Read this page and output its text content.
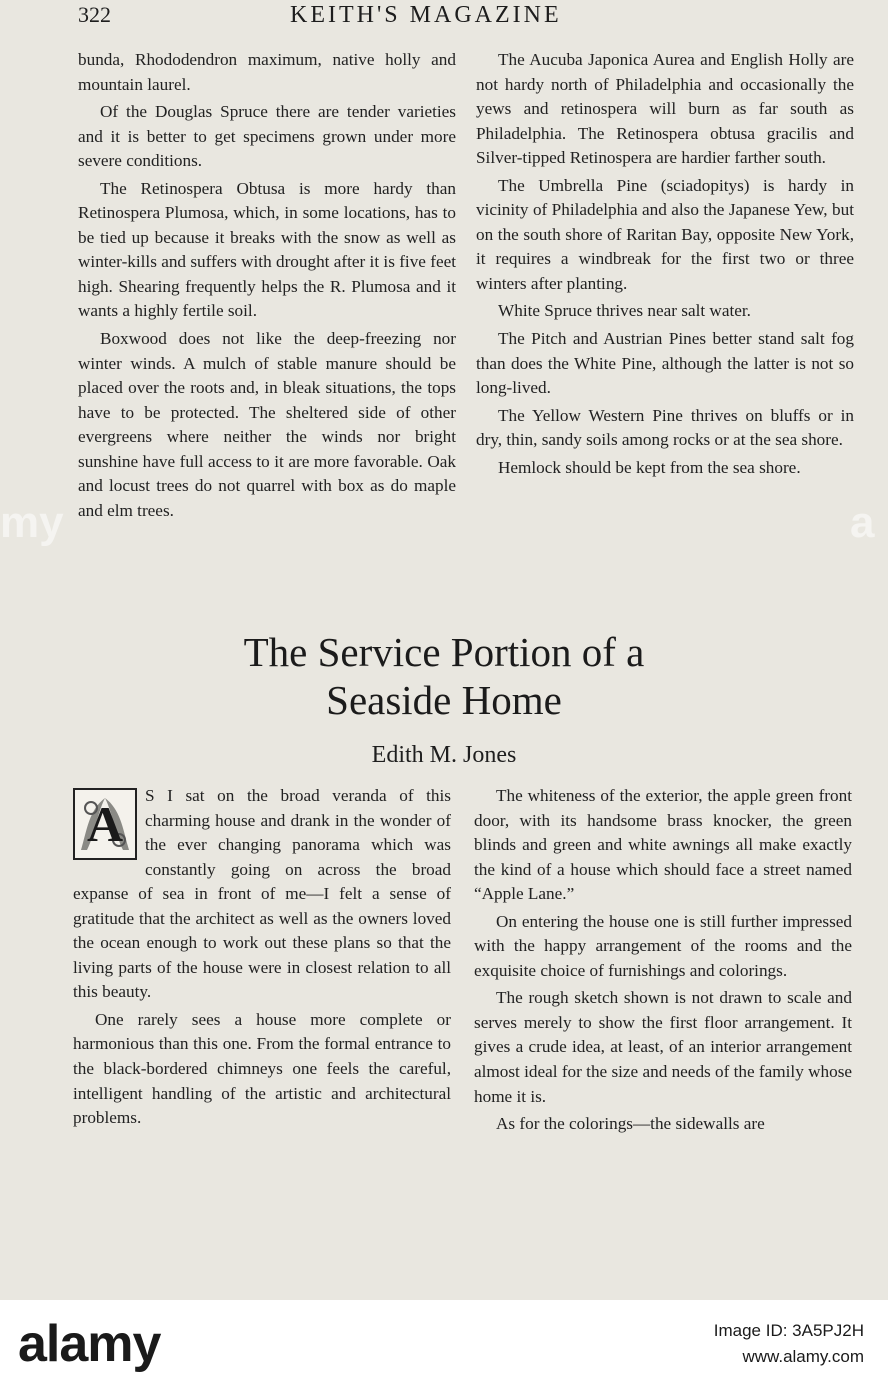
322	KEITH'S MAGAZINE

bunda, Rhododendron maximum, native holly and mountain laurel.

Of the Douglas Spruce there are tender varieties and it is better to get specimens grown under more severe conditions.

The Retinospera Obtusa is more hardy than Retinospera Plumosa, which, in some locations, has to be tied up because it breaks with the snow as well as winter-kills and suffers with drought after it is five feet high. Shearing frequently helps the R. Plumosa and it wants a highly fertile soil.

Boxwood does not like the deep-freezing nor winter winds. A mulch of stable manure should be placed over the roots and, in bleak situations, the tops have to be protected. The sheltered side of other evergreens where neither the winds nor bright sunshine have full access to it are more favorable. Oak and locust trees do not quarrel with box as do maple and elm trees.

The Aucuba Japonica Aurea and English Holly are not hardy north of Philadelphia and occasionally the yews and retinospera will burn as far south as Philadelphia. The Retinospera obtusa gracilis and Silver-tipped Retinospera are hardier farther south.

The Umbrella Pine (sciadopitys) is hardy in vicinity of Philadelphia and also the Japanese Yew, but on the south shore of Raritan Bay, opposite New York, it requires a windbreak for the first two or three winters after planting.

White Spruce thrives near salt water.

The Pitch and Austrian Pines better stand salt fog than does the White Pine, although the latter is not so long-lived.

The Yellow Western Pine thrives on bluffs or in dry, thin, sandy soils among rocks or at the sea shore.

Hemlock should be kept from the sea shore.

The Service Portion of a
Seaside Home
Edith M. Jones
A

S I sat on the broad veranda of this charming house and drank in the wonder of the ever changing panorama which was constantly going on across the broad expanse of sea in front of me—I felt a sense of gratitude that the architect as well as the owners loved the ocean enough to work out these plans so that the living parts of the house were in closest relation to all this beauty.

One rarely sees a house more complete or harmonious than this one. From the formal entrance to the black-bordered chimneys one feels the careful, intelligent handling of the artistic and architectural problems.

The whiteness of the exterior, the apple green front door, with its handsome brass knocker, the green blinds and green and white awnings all make exactly the kind of a house which should face a street named “Apple Lane.”

On entering the house one is still further impressed with the happy arrangement of the rooms and the exquisite choice of furnishings and colorings.

The rough sketch shown is not drawn to scale and serves merely to show the first floor arrangement. It gives a crude idea, at least, of an interior arrangement almost ideal for the size and needs of the family whose home it is.

As for the colorings—the sidewalls are

my	a
alamy	Image ID: 3A5PJ2H
www.alamy.com
